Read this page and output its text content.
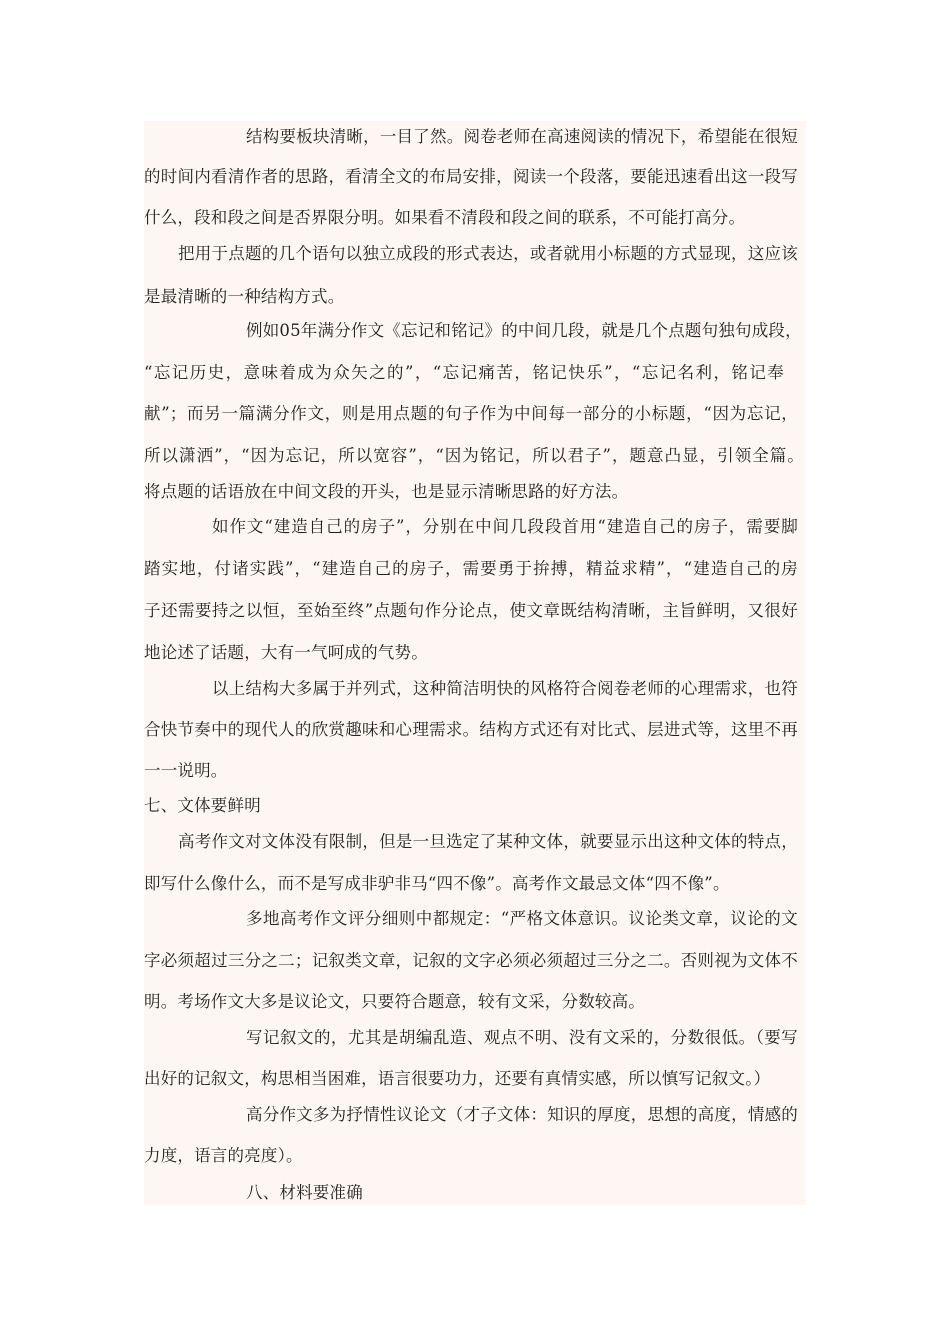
结构要板块清晰，一目了然。阅卷老师在高速阅读的情况下，希望能在很短
的时间内看清作者的思路，看清全文的布局安排，阅读一个段落，要能迅速看出这一段写
什么，段和段之间是否界限分明。如果看不清段和段之间的联系，不可能打高分。
把用于点题的几个语句以独立成段的形式表达，或者就用小标题的方式显现，这应该
是最清晰的一种结构方式。
例如05年满分作文《忘记和铭记》的中间几段，就是几个点题句独句成段，
“忘记历史，意味着成为众矢之的”，“忘记痛苦，铭记快乐”，“忘记名利，铭记奉
献”；而另一篇满分作文，则是用点题的句子作为中间每一部分的小标题，“因为忘记，
所以潇洒”，“因为忘记，所以宽容”，“因为铭记，所以君子”，题意凸显，引领全篇。
将点题的话语放在中间文段的开头，也是显示清晰思路的好方法。
如作文“建造自己的房子”，分别在中间几段段首用“建造自己的房子，需要脚
踏实地，付诸实践”，“建造自己的房子，需要勇于拚搏，精益求精”，“建造自己的房
子还需要持之以恒，至始至终”点题句作分论点，使文章既结构清晰，主旨鲜明，又很好
地论述了话题，大有一气呵成的气势。
以上结构大多属于并列式，这种简洁明快的风格符合阅卷老师的心理需求，也符
合快节奏中的现代人的欣赏趣味和心理需求。结构方式还有对比式、层进式等，这里不再
一一说明。
七、文体要鲜明
高考作文对文体没有限制，但是一旦选定了某种文体，就要显示出这种文体的特点，
即写什么像什么，而不是写成非驴非马“四不像”。高考作文最忌文体“四不像”。
多地高考作文评分细则中都规定：“严格文体意识。议论类文章，议论的文
字必须超过三分之二；记叙类文章，记叙的文字必须必须超过三分之二。否则视为文体不
明。考场作文大多是议论文，只要符合题意，较有文采，分数较高。
写记叙文的，尤其是胡编乱造、观点不明、没有文采的，分数很低。（要写
出好的记叙文，构思相当困难，语言很要功力，还要有真情实感，所以慎写记叙文。）
高分作文多为抒情性议论文（才子文体：知识的厚度，思想的高度，情感的
力度，语言的亮度）。
八、材料要准确
